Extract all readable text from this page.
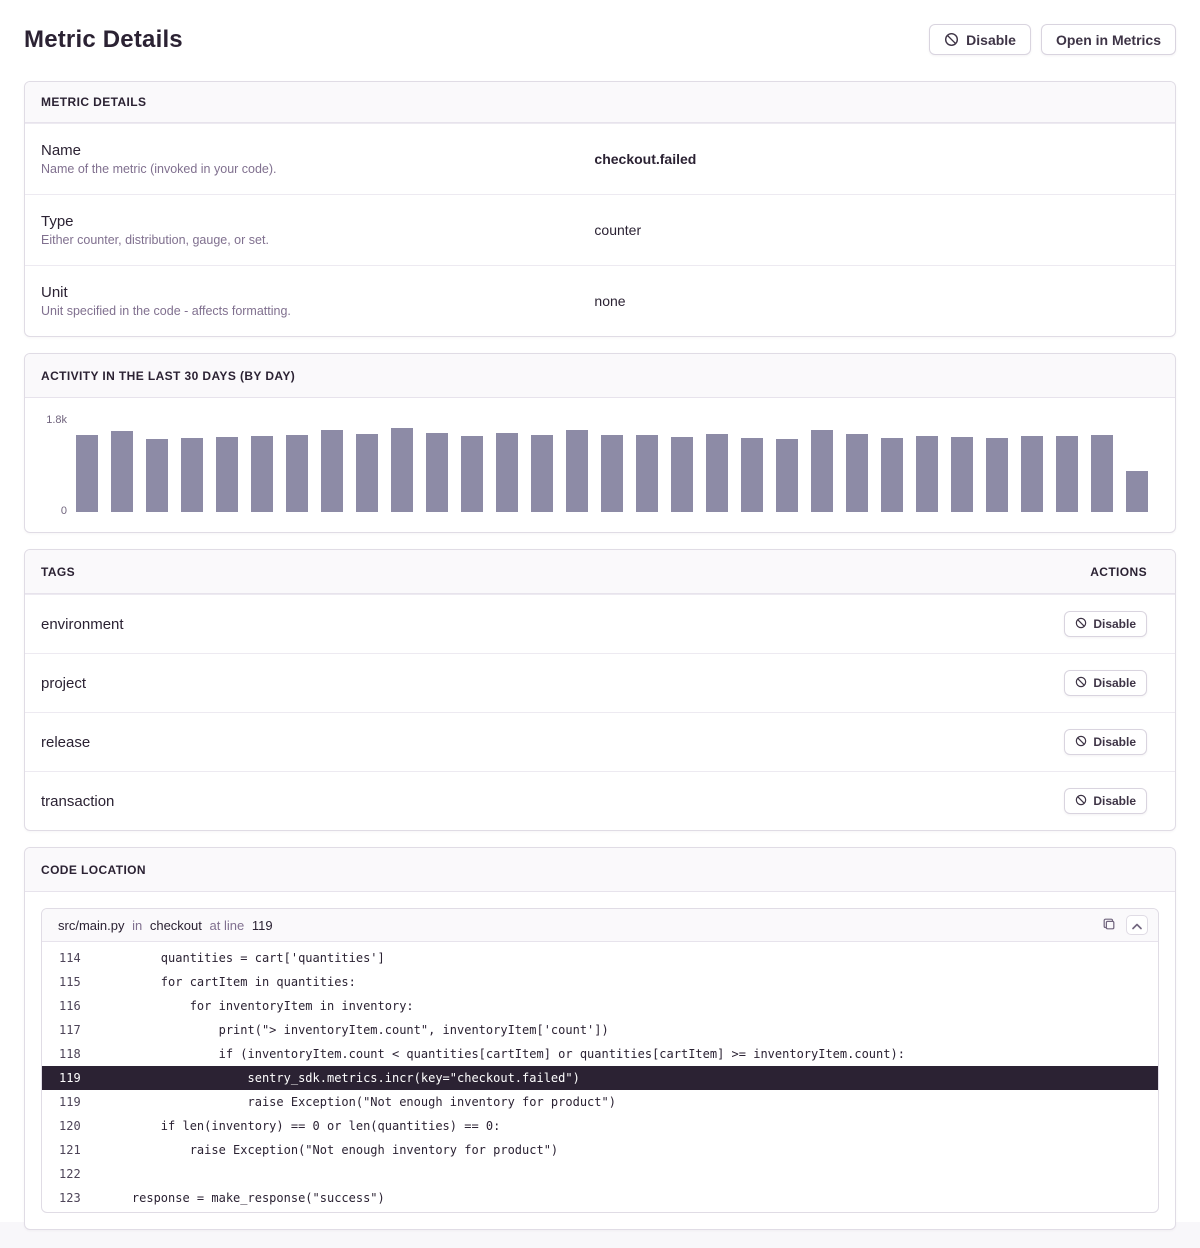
Metric Details	Disable	Open in Metrics
METRIC DETAILS
Name
Name of the metric (invoked in your code).
checkout.failed
Type
Either counter, distribution, gauge, or set.
counter
Unit
Unit specified in the code - affects formatting.
none
ACTIVITY IN THE LAST 30 DAYS (BY DAY)
1.8k
0
TAGS	ACTIONS
environment	Disable
project	Disable
release	Disable
transaction	Disable
CODE LOCATION
src/main.py in checkout at line 119
114	quantities = cart['quantities']
115	for cartItem in quantities:
116	for inventoryItem in inventory:
117	print("> inventoryItem.count", inventoryItem['count'])
118	if (inventoryItem.count < quantities[cartItem] or quantities[cartItem] >= inventoryItem.count):
119	sentry_sdk.metrics.incr(key="checkout.failed")
119	raise Exception("Not enough inventory for product")
120	if len(inventory) == 0 or len(quantities) == 0:
121	raise Exception("Not enough inventory for product")
122
123	response = make_response("success")
